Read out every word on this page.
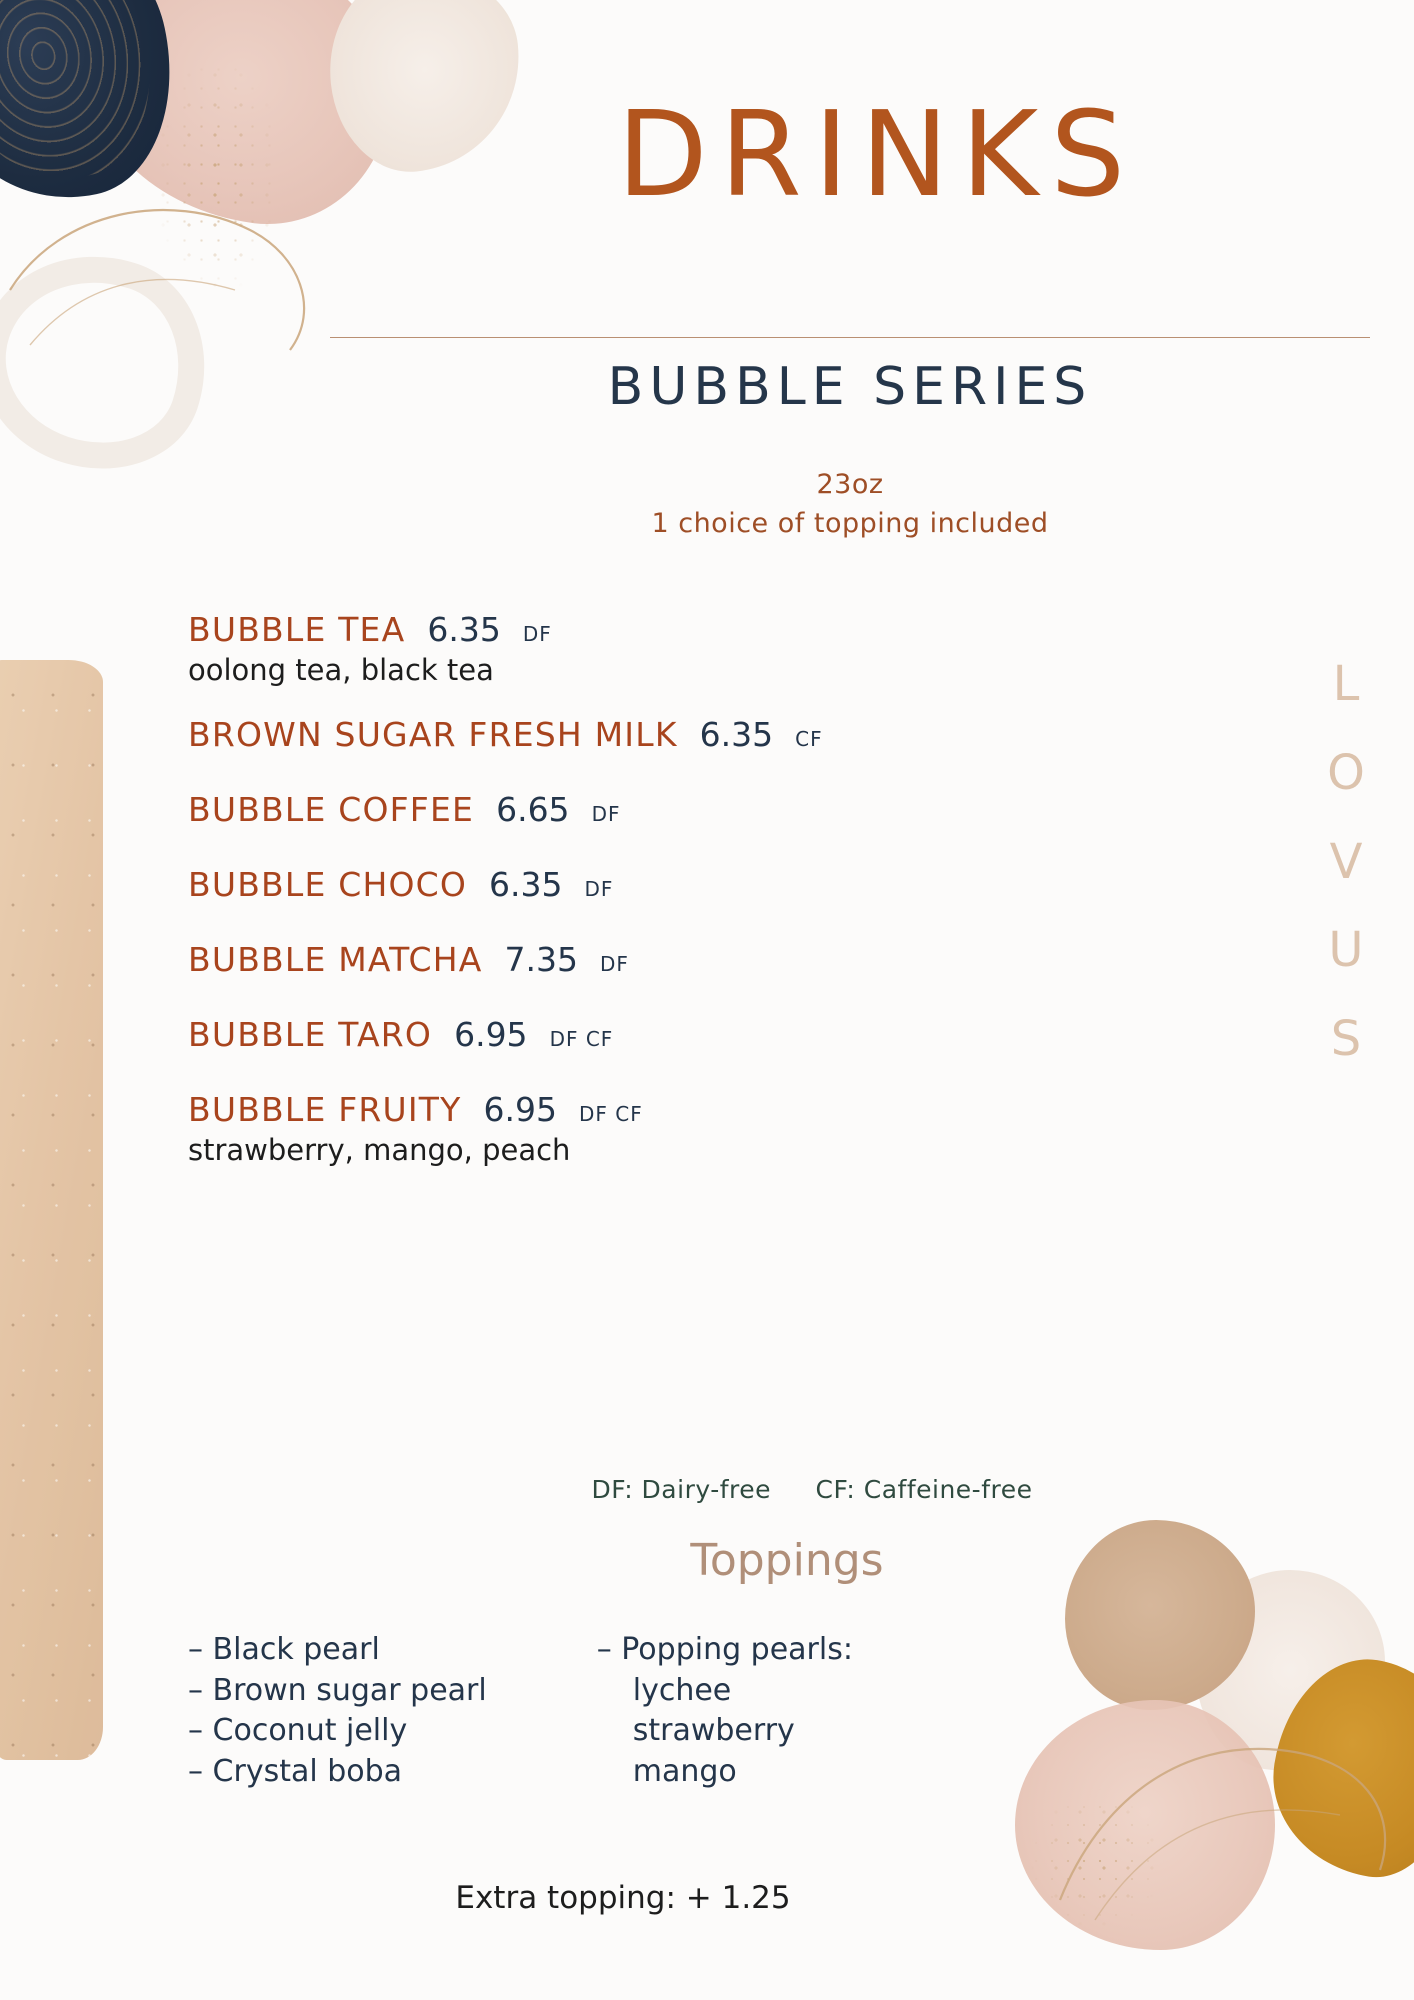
DRINKS
BUBBLE SERIES
23oz
1 choice of topping included
BUBBLE TEA 6.35 DF
oolong tea, black tea
BROWN SUGAR FRESH MILK 6.35 CF
BUBBLE COFFEE 6.65 DF
BUBBLE CHOCO 6.35 DF
BUBBLE MATCHA 7.35 DF
BUBBLE TARO 6.95 DF CF
BUBBLE FRUITY 6.95 DF CF
strawberry, mango, peach
DF: Dairy-free CF: Caffeine-free
Toppings
– Black pearl
– Brown sugar pearl
– Coconut jelly
– Crystal boba
– Popping pearls:
lychee
strawberry
mango
Extra topping: + 1.25
L
O
V
U
S
